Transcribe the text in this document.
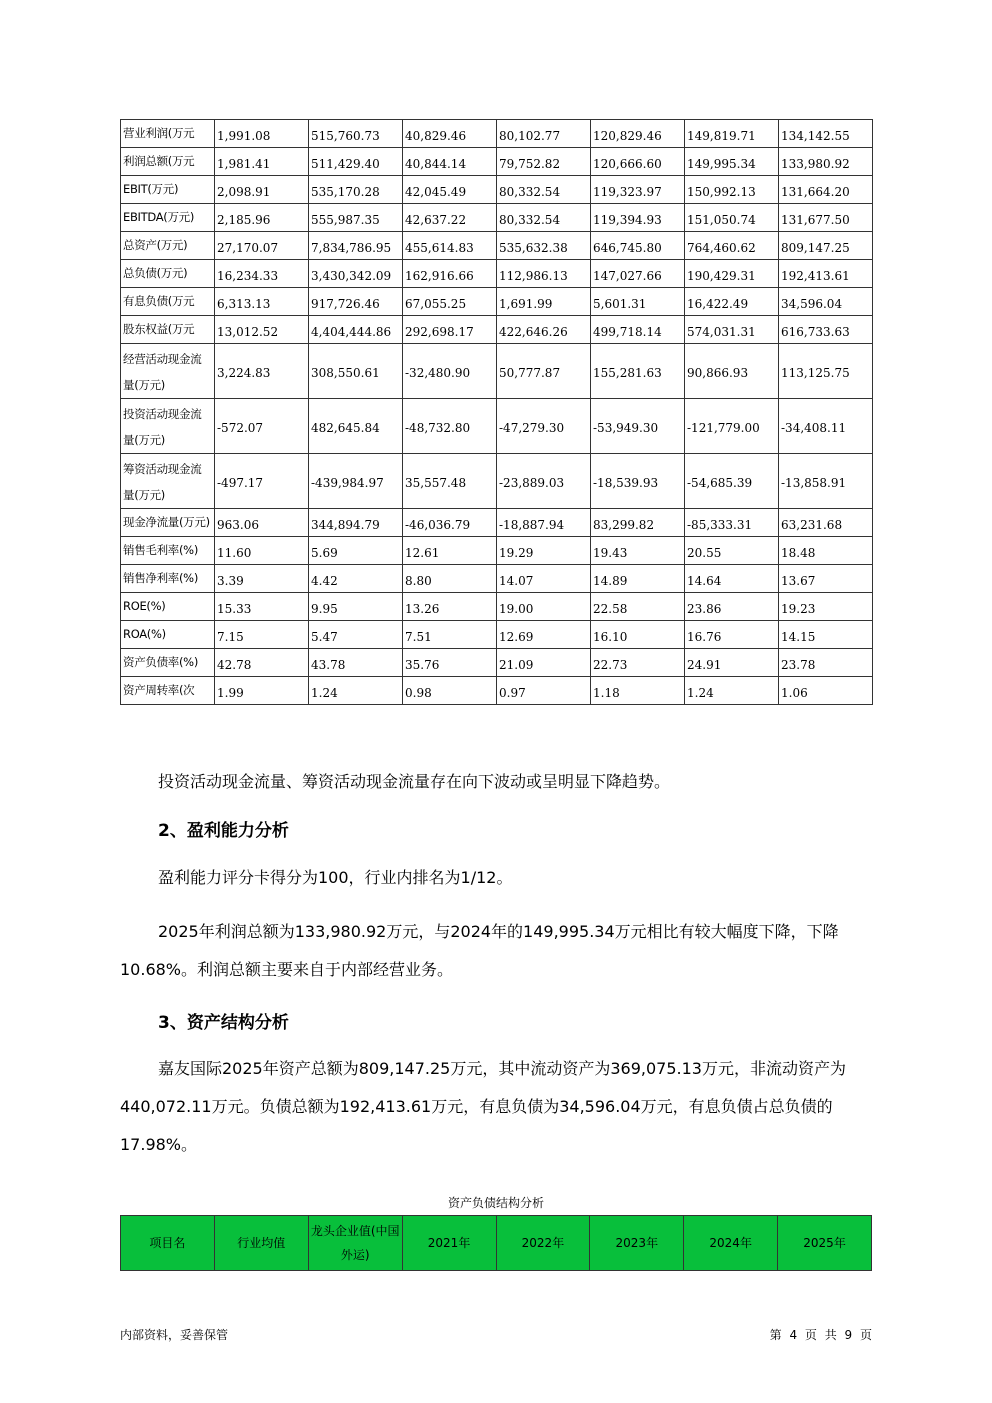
营业利润(万元	1,991.08	515,760.73	40,829.46	80,102.77	120,829.46	149,819.71	134,142.55
利润总额(万元	1,981.41	511,429.40	40,844.14	79,752.82	120,666.60	149,995.34	133,980.92
EBIT(万元)	2,098.91	535,170.28	42,045.49	80,332.54	119,323.97	150,992.13	131,664.20
EBITDA(万元)	2,185.96	555,987.35	42,637.22	80,332.54	119,394.93	151,050.74	131,677.50
总资产(万元)	27,170.07	7,834,786.95	455,614.83	535,632.38	646,745.80	764,460.62	809,147.25
总负债(万元)	16,234.33	3,430,342.09	162,916.66	112,986.13	147,027.66	190,429.31	192,413.61
有息负债(万元	6,313.13	917,726.46	67,055.25	1,691.99	5,601.31	16,422.49	34,596.04
股东权益(万元	13,012.52	4,404,444.86	292,698.17	422,646.26	499,718.14	574,031.31	616,733.63
经营活动现金流量(万元)	3,224.83	308,550.61	-32,480.90	50,777.87	155,281.63	90,866.93	113,125.75
投资活动现金流量(万元)	-572.07	482,645.84	-48,732.80	-47,279.30	-53,949.30	-121,779.00	-34,408.11
筹资活动现金流量(万元)	-497.17	-439,984.97	35,557.48	-23,889.03	-18,539.93	-54,685.39	-13,858.91
现金净流量(万元)	963.06	344,894.79	-46,036.79	-18,887.94	83,299.82	-85,333.31	63,231.68
销售毛利率(%)	11.60	5.69	12.61	19.29	19.43	20.55	18.48
销售净利率(%)	3.39	4.42	8.80	14.07	14.89	14.64	13.67
ROE(%)	15.33	9.95	13.26	19.00	22.58	23.86	19.23
ROA(%)	7.15	5.47	7.51	12.69	16.10	16.76	14.15
资产负债率(%)	42.78	43.78	35.76	21.09	22.73	24.91	23.78
资产周转率(次	1.99	1.24	0.98	0.97	1.18	1.24	1.06

投资活动现金流量、筹资活动现金流量存在向下波动或呈明显下降趋势。

2、盈利能力分析

盈利能力评分卡得分为100，行业内排名为1/12。

2025年利润总额为133,980.92万元，与2024年的149,995.34万元相比有较大幅度下降，下降10.68%。利润总额主要来自于内部经营业务。

3、资产结构分析

嘉友国际2025年资产总额为809,147.25万元，其中流动资产为369,075.13万元，非流动资产为440,072.11万元。负债总额为192,413.61万元，有息负债为34,596.04万元，有息负债占总负债的17.98%。

资产负债结构分析
项目名	行业均值	龙头企业值(中国外运)	2021年	2022年	2023年	2024年	2025年
内部资料，妥善保管	第 4 页 共 9 页
